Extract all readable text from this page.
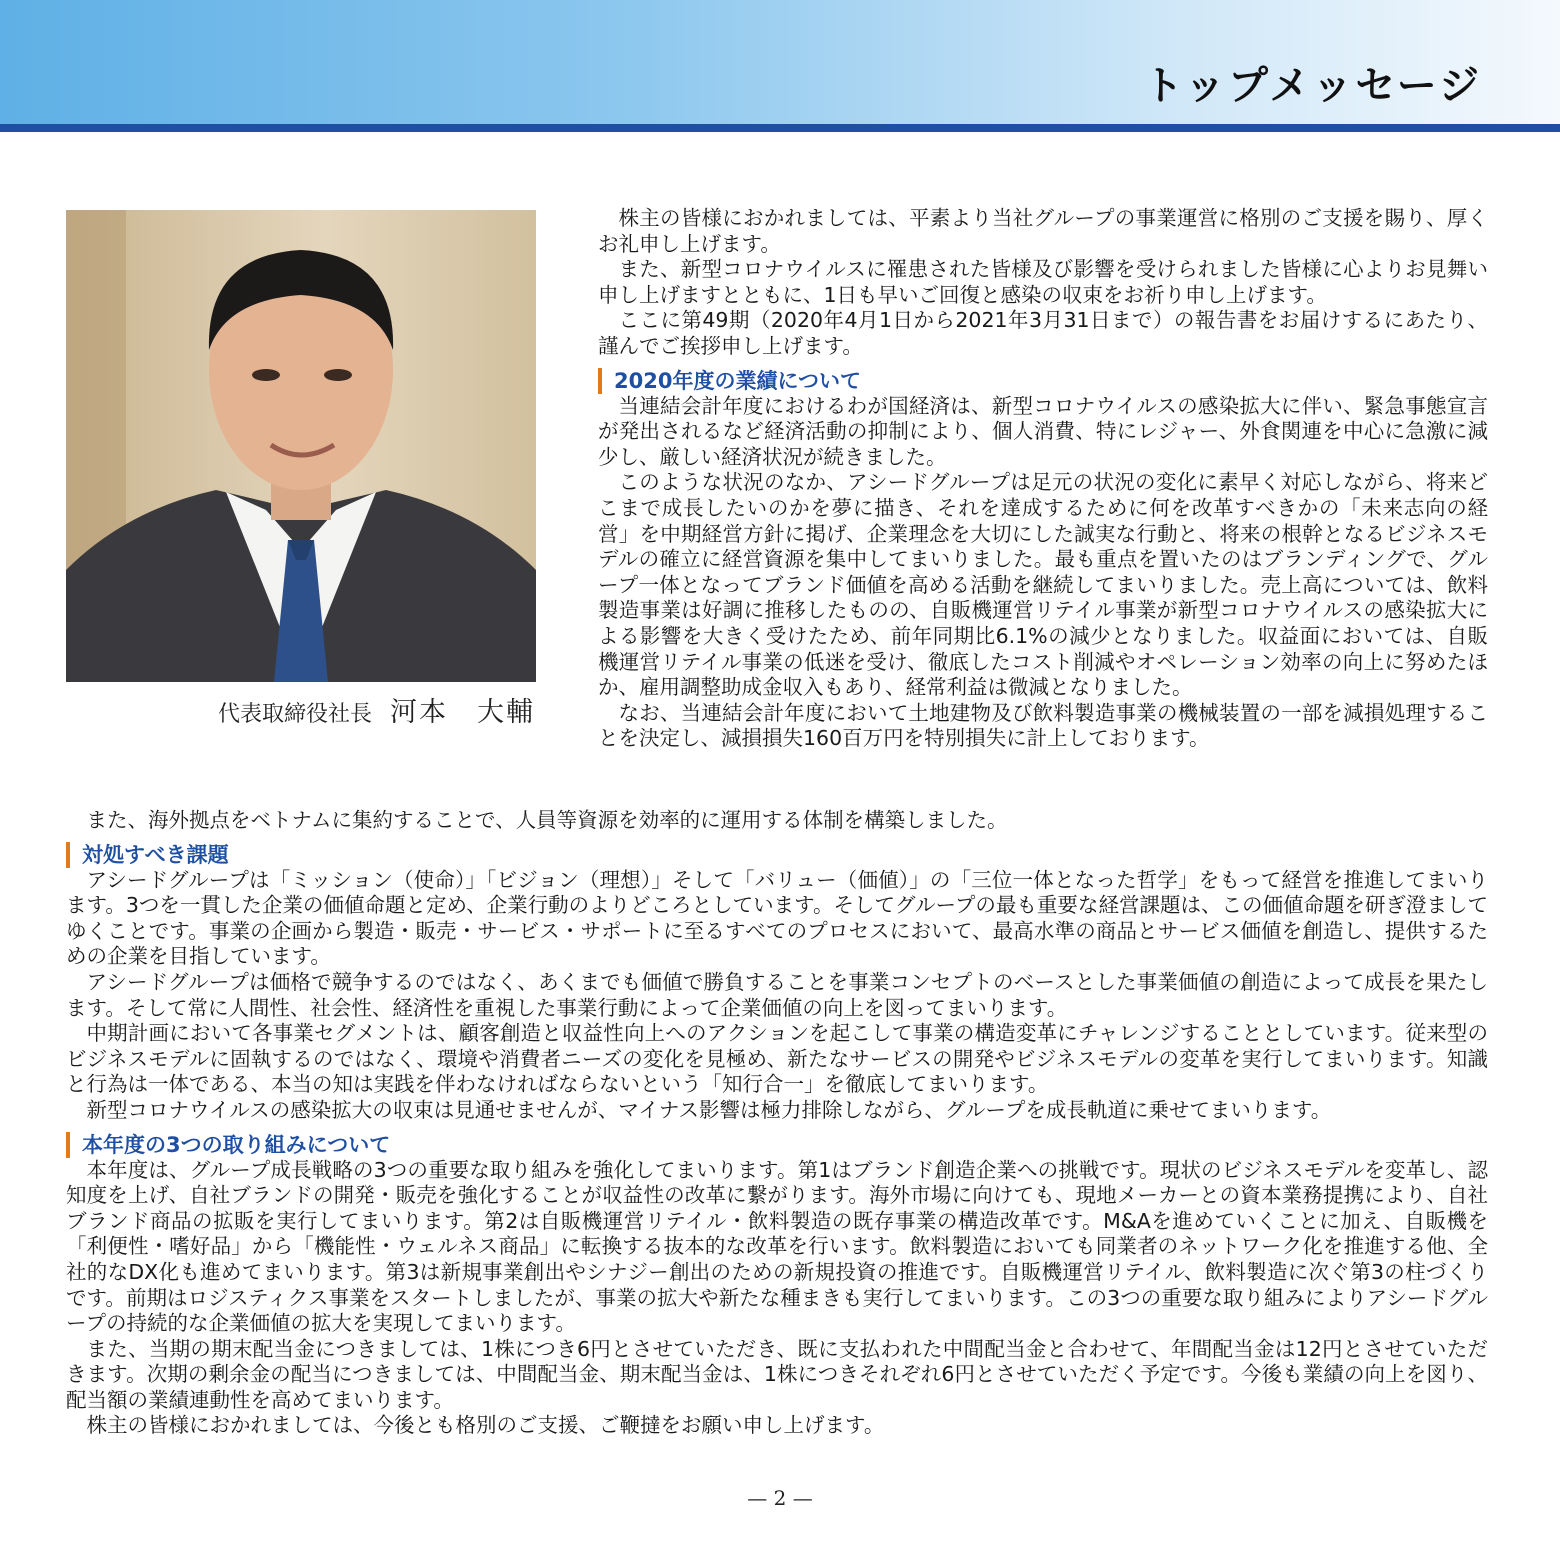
トップメッセージ
代表取締役社長 河本　大輔

株主の皆様におかれましては、平素より当社グループの事業運営に格別のご支援を賜り、厚くお礼申し上げます。

また、新型コロナウイルスに罹患された皆様及び影響を受けられました皆様に心よりお見舞い申し上げますとともに、1日も早いご回復と感染の収束をお祈り申し上げます。

ここに第49期（2020年4月1日から2021年3月31日まで）の報告書をお届けするにあたり、謹んでご挨拶申し上げます。

2020年度の業績について

当連結会計年度におけるわが国経済は、新型コロナウイルスの感染拡大に伴い、緊急事態宣言が発出されるなど経済活動の抑制により、個人消費、特にレジャー、外食関連を中心に急激に減少し、厳しい経済状況が続きました。

このような状況のなか、アシードグループは足元の状況の変化に素早く対応しながら、将来どこまで成長したいのかを夢に描き、それを達成するために何を改革すべきかの「未来志向の経営」を中期経営方針に掲げ、企業理念を大切にした誠実な行動と、将来の根幹となるビジネスモデルの確立に経営資源を集中してまいりました。最も重点を置いたのはブランディングで、グループ一体となってブランド価値を高める活動を継続してまいりました。売上高については、飲料製造事業は好調に推移したものの、自販機運営リテイル事業が新型コロナウイルスの感染拡大による影響を大きく受けたため、前年同期比6.1%の減少となりました。収益面においては、自販機運営リテイル事業の低迷を受け、徹底したコスト削減やオペレーション効率の向上に努めたほか、雇用調整助成金収入もあり、経常利益は微減となりました。

なお、当連結会計年度において土地建物及び飲料製造事業の機械装置の一部を減損処理することを決定し、減損損失160百万円を特別損失に計上しております。

また、海外拠点をベトナムに集約することで、人員等資源を効率的に運用する体制を構築しました。

対処すべき課題

アシードグループは「ミッション（使命）」「ビジョン（理想）」そして「バリュー（価値）」の「三位一体となった哲学」をもって経営を推進してまいります。3つを一貫した企業の価値命題と定め、企業行動のよりどころとしています。そしてグループの最も重要な経営課題は、この価値命題を研ぎ澄ましてゆくことです。事業の企画から製造・販売・サービス・サポートに至るすべてのプロセスにおいて、最高水準の商品とサービス価値を創造し、提供するための企業を目指しています。

アシードグループは価格で競争するのではなく、あくまでも価値で勝負することを事業コンセプトのベースとした事業価値の創造によって成長を果たします。そして常に人間性、社会性、経済性を重視した事業行動によって企業価値の向上を図ってまいります。

中期計画において各事業セグメントは、顧客創造と収益性向上へのアクションを起こして事業の構造変革にチャレンジすることとしています。従来型のビジネスモデルに固執するのではなく、環境や消費者ニーズの変化を見極め、新たなサービスの開発やビジネスモデルの変革を実行してまいります。知識と行為は一体である、本当の知は実践を伴わなければならないという「知行合一」を徹底してまいります。

新型コロナウイルスの感染拡大の収束は見通せませんが、マイナス影響は極力排除しながら、グループを成長軌道に乗せてまいります。

本年度の3つの取り組みについて

本年度は、グループ成長戦略の3つの重要な取り組みを強化してまいります。第1はブランド創造企業への挑戦です。現状のビジネスモデルを変革し、認知度を上げ、自社ブランドの開発・販売を強化することが収益性の改革に繋がります。海外市場に向けても、現地メーカーとの資本業務提携により、自社ブランド商品の拡販を実行してまいります。第2は自販機運営リテイル・飲料製造の既存事業の構造改革です。M&Aを進めていくことに加え、自販機を「利便性・嗜好品」から「機能性・ウェルネス商品」に転換する抜本的な改革を行います。飲料製造においても同業者のネットワーク化を推進する他、全社的なDX化も進めてまいります。第3は新規事業創出やシナジー創出のための新規投資の推進です。自販機運営リテイル、飲料製造に次ぐ第3の柱づくりです。前期はロジスティクス事業をスタートしましたが、事業の拡大や新たな種まきも実行してまいります。この3つの重要な取り組みによりアシードグループの持続的な企業価値の拡大を実現してまいります。

また、当期の期末配当金につきましては、1株につき6円とさせていただき、既に支払われた中間配当金と合わせて、年間配当金は12円とさせていただきます。次期の剰余金の配当につきましては、中間配当金、期末配当金は、1株につきそれぞれ6円とさせていただく予定です。今後も業績の向上を図り、配当額の業績連動性を高めてまいります。

株主の皆様におかれましては、今後とも格別のご支援、ご鞭撻をお願い申し上げます。

— 2 —
